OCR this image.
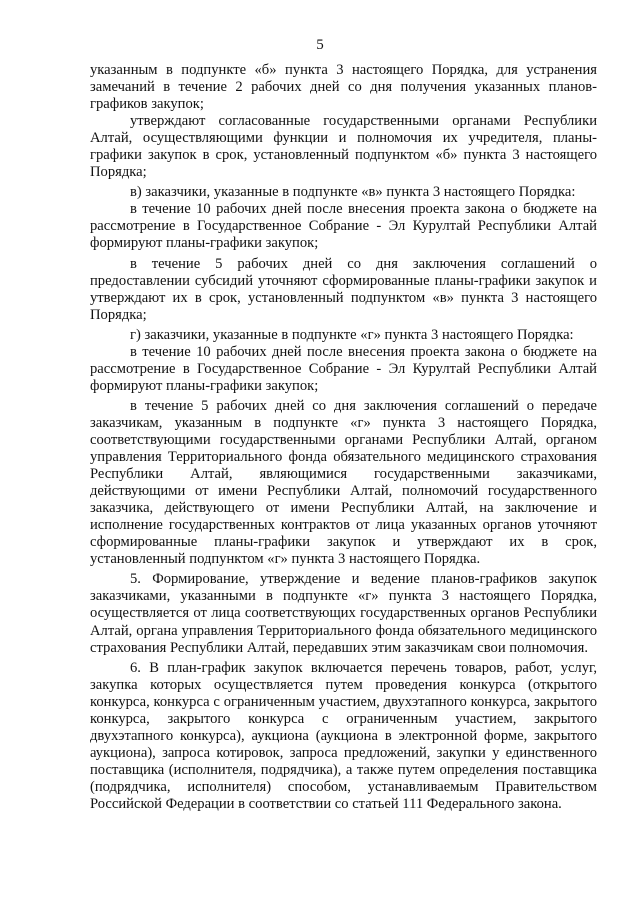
5

указанным в подпункте «б» пункта 3 настоящего Порядка, для устранения замечаний в течение 2 рабочих дней со дня получения указанных планов-графиков закупок;

утверждают согласованные государственными органами Республики Алтай, осуществляющими функции и полномочия их учредителя, планы-графики закупок в срок, установленный подпунктом «б» пункта 3 настоящего Порядка;

в) заказчики, указанные в подпункте «в» пункта 3 настоящего Порядка:

в течение 10 рабочих дней после внесения проекта закона о бюджете на рассмотрение в Государственное Собрание - Эл Курултай Республики Алтай формируют планы-графики закупок;

в течение 5 рабочих дней со дня заключения соглашений о предоставлении субсидий уточняют сформированные планы-графики закупок и утверждают их в срок, установленный подпунктом «в» пункта 3 настоящего Порядка;

г) заказчики, указанные в подпункте «г» пункта 3 настоящего Порядка:

в течение 10 рабочих дней после внесения проекта закона о бюджете на рассмотрение в Государственное Собрание - Эл Курултай Республики Алтай формируют планы-графики закупок;

в течение 5 рабочих дней со дня заключения соглашений о передаче заказчикам, указанным в подпункте «г» пункта 3 настоящего Порядка, соответствующими государственными органами Республики Алтай, органом управления Территориального фонда обязательного медицинского страхования Республики Алтай, являющимися государственными заказчиками, действующими от имени Республики Алтай, полномочий государственного заказчика, действующего от имени Республики Алтай, на заключение и исполнение государственных контрактов от лица указанных органов уточняют сформированные планы-графики закупок и утверждают их в срок, установленный подпунктом «г» пункта 3 настоящего Порядка.

5. Формирование, утверждение и ведение планов-графиков закупок заказчиками, указанными в подпункте «г» пункта 3 настоящего Порядка, осуществляется от лица соответствующих государственных органов Республики Алтай, органа управления Территориального фонда обязательного медицинского страхования Республики Алтай, передавших этим заказчикам свои полномочия.

6. В план-график закупок включается перечень товаров, работ, услуг, закупка которых осуществляется путем проведения конкурса (открытого конкурса, конкурса с ограниченным участием, двухэтапного конкурса, закрытого конкурса, закрытого конкурса с ограниченным участием, закрытого двухэтапного конкурса), аукциона (аукциона в электронной форме, закрытого аукциона), запроса котировок, запроса предложений, закупки у единственного поставщика (исполнителя, подрядчика), а также путем определения поставщика (подрядчика, исполнителя) способом, устанавливаемым Правительством Российской Федерации в соответствии со статьей 111 Федерального закона.
